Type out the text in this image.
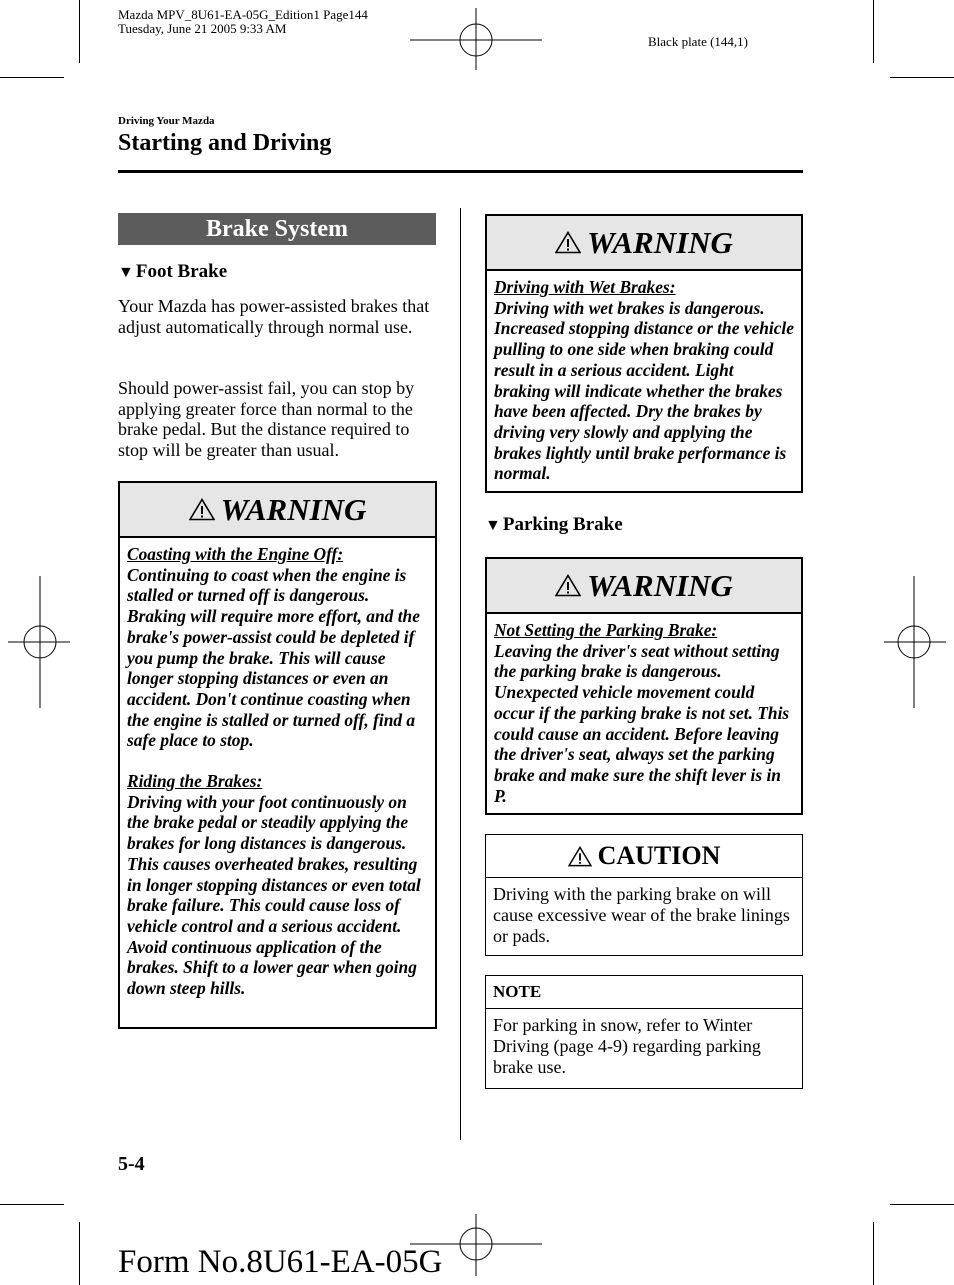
Mazda MPV_8U61-EA-05G_Edition1 Page144
Tuesday, June 21 2005 9:33 AM
Black plate (144,1)
Driving Your Mazda
Starting and Driving
Brake System
▼ Foot Brake
Your Mazda has power-assisted brakes that adjust automatically through normal use.
Should power-assist fail, you can stop by applying greater force than normal to the brake pedal. But the distance required to stop will be greater than usual.
WARNING
Coasting with the Engine Off:
Continuing to coast when the engine is stalled or turned off is dangerous. Braking will require more effort, and the brake's power-assist could be depleted if you pump the brake. This will cause longer stopping distances or even an accident. Don't continue coasting when the engine is stalled or turned off, find a safe place to stop.
Riding the Brakes:
Driving with your foot continuously on the brake pedal or steadily applying the brakes for long distances is dangerous. This causes overheated brakes, resulting in longer stopping distances or even total brake failure. This could cause loss of vehicle control and a serious accident. Avoid continuous application of the brakes. Shift to a lower gear when going down steep hills.
WARNING
Driving with Wet Brakes:
Driving with wet brakes is dangerous. Increased stopping distance or the vehicle pulling to one side when braking could result in a serious accident. Light braking will indicate whether the brakes have been affected. Dry the brakes by driving very slowly and applying the brakes lightly until brake performance is normal.
▼ Parking Brake
WARNING
Not Setting the Parking Brake:
Leaving the driver's seat without setting the parking brake is dangerous. Unexpected vehicle movement could occur if the parking brake is not set. This could cause an accident. Before leaving the driver's seat, always set the parking brake and make sure the shift lever is in P.
CAUTION
Driving with the parking brake on will cause excessive wear of the brake linings or pads.
NOTE
For parking in snow, refer to Winter Driving (page 4-9) regarding parking brake use.
5-4
Form No.8U61-EA-05G
